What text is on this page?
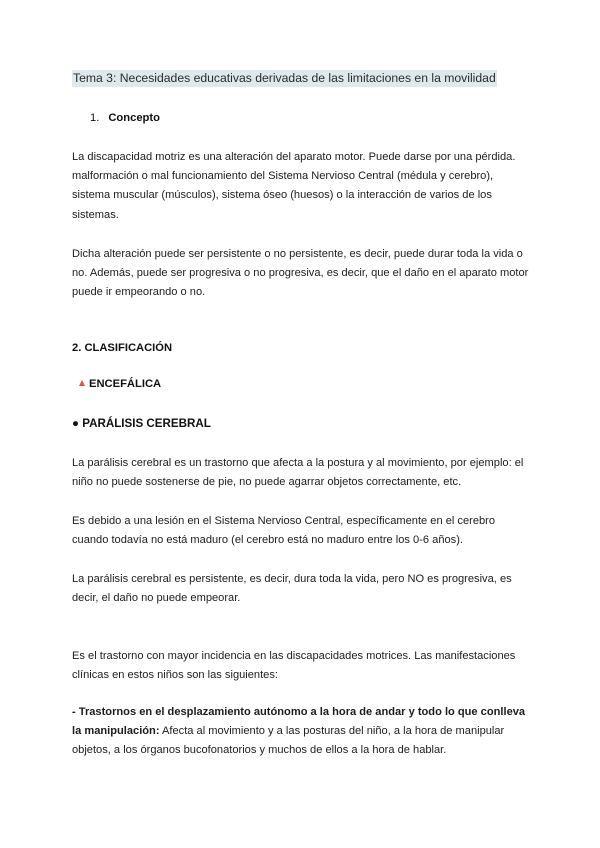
Tema 3: Necesidades educativas derivadas de las limitaciones en la movilidad
1. Concepto
La discapacidad motriz es una alteración del aparato motor. Puede darse por una pérdida. malformación o mal funcionamiento del Sistema Nervioso Central (médula y cerebro), sistema muscular (músculos), sistema óseo (huesos) o la interacción de varios de los sistemas.
Dicha alteración puede ser persistente o no persistente, es decir, puede durar toda la vida o no. Además, puede ser progresiva o no progresiva, es decir, que el daño en el aparato motor puede ir empeorando o no.
2. CLASIFICACIÓN
ENCEFÁLICA
● PARÁLISIS CEREBRAL
La parálisis cerebral es un trastorno que afecta a la postura y al movimiento, por ejemplo: el niño no puede sostenerse de pie, no puede agarrar objetos correctamente, etc.
Es debido a una lesión en el Sistema Nervioso Central, específicamente en el cerebro cuando todavía no está maduro (el cerebro está no maduro entre los 0-6 años).
La parálisis cerebral es persistente, es decir, dura toda la vida, pero NO es progresiva, es decir, el daño no puede empeorar.
Es el trastorno con mayor incidencia en las discapacidades motrices. Las manifestaciones clínicas en estos niños son las siguientes:
- Trastornos en el desplazamiento autónomo a la hora de andar y todo lo que conlleva la manipulación: Afecta al movimiento y a las posturas del niño, a la hora de manipular objetos, a los órganos bucofonatorios y muchos de ellos a la hora de hablar.
